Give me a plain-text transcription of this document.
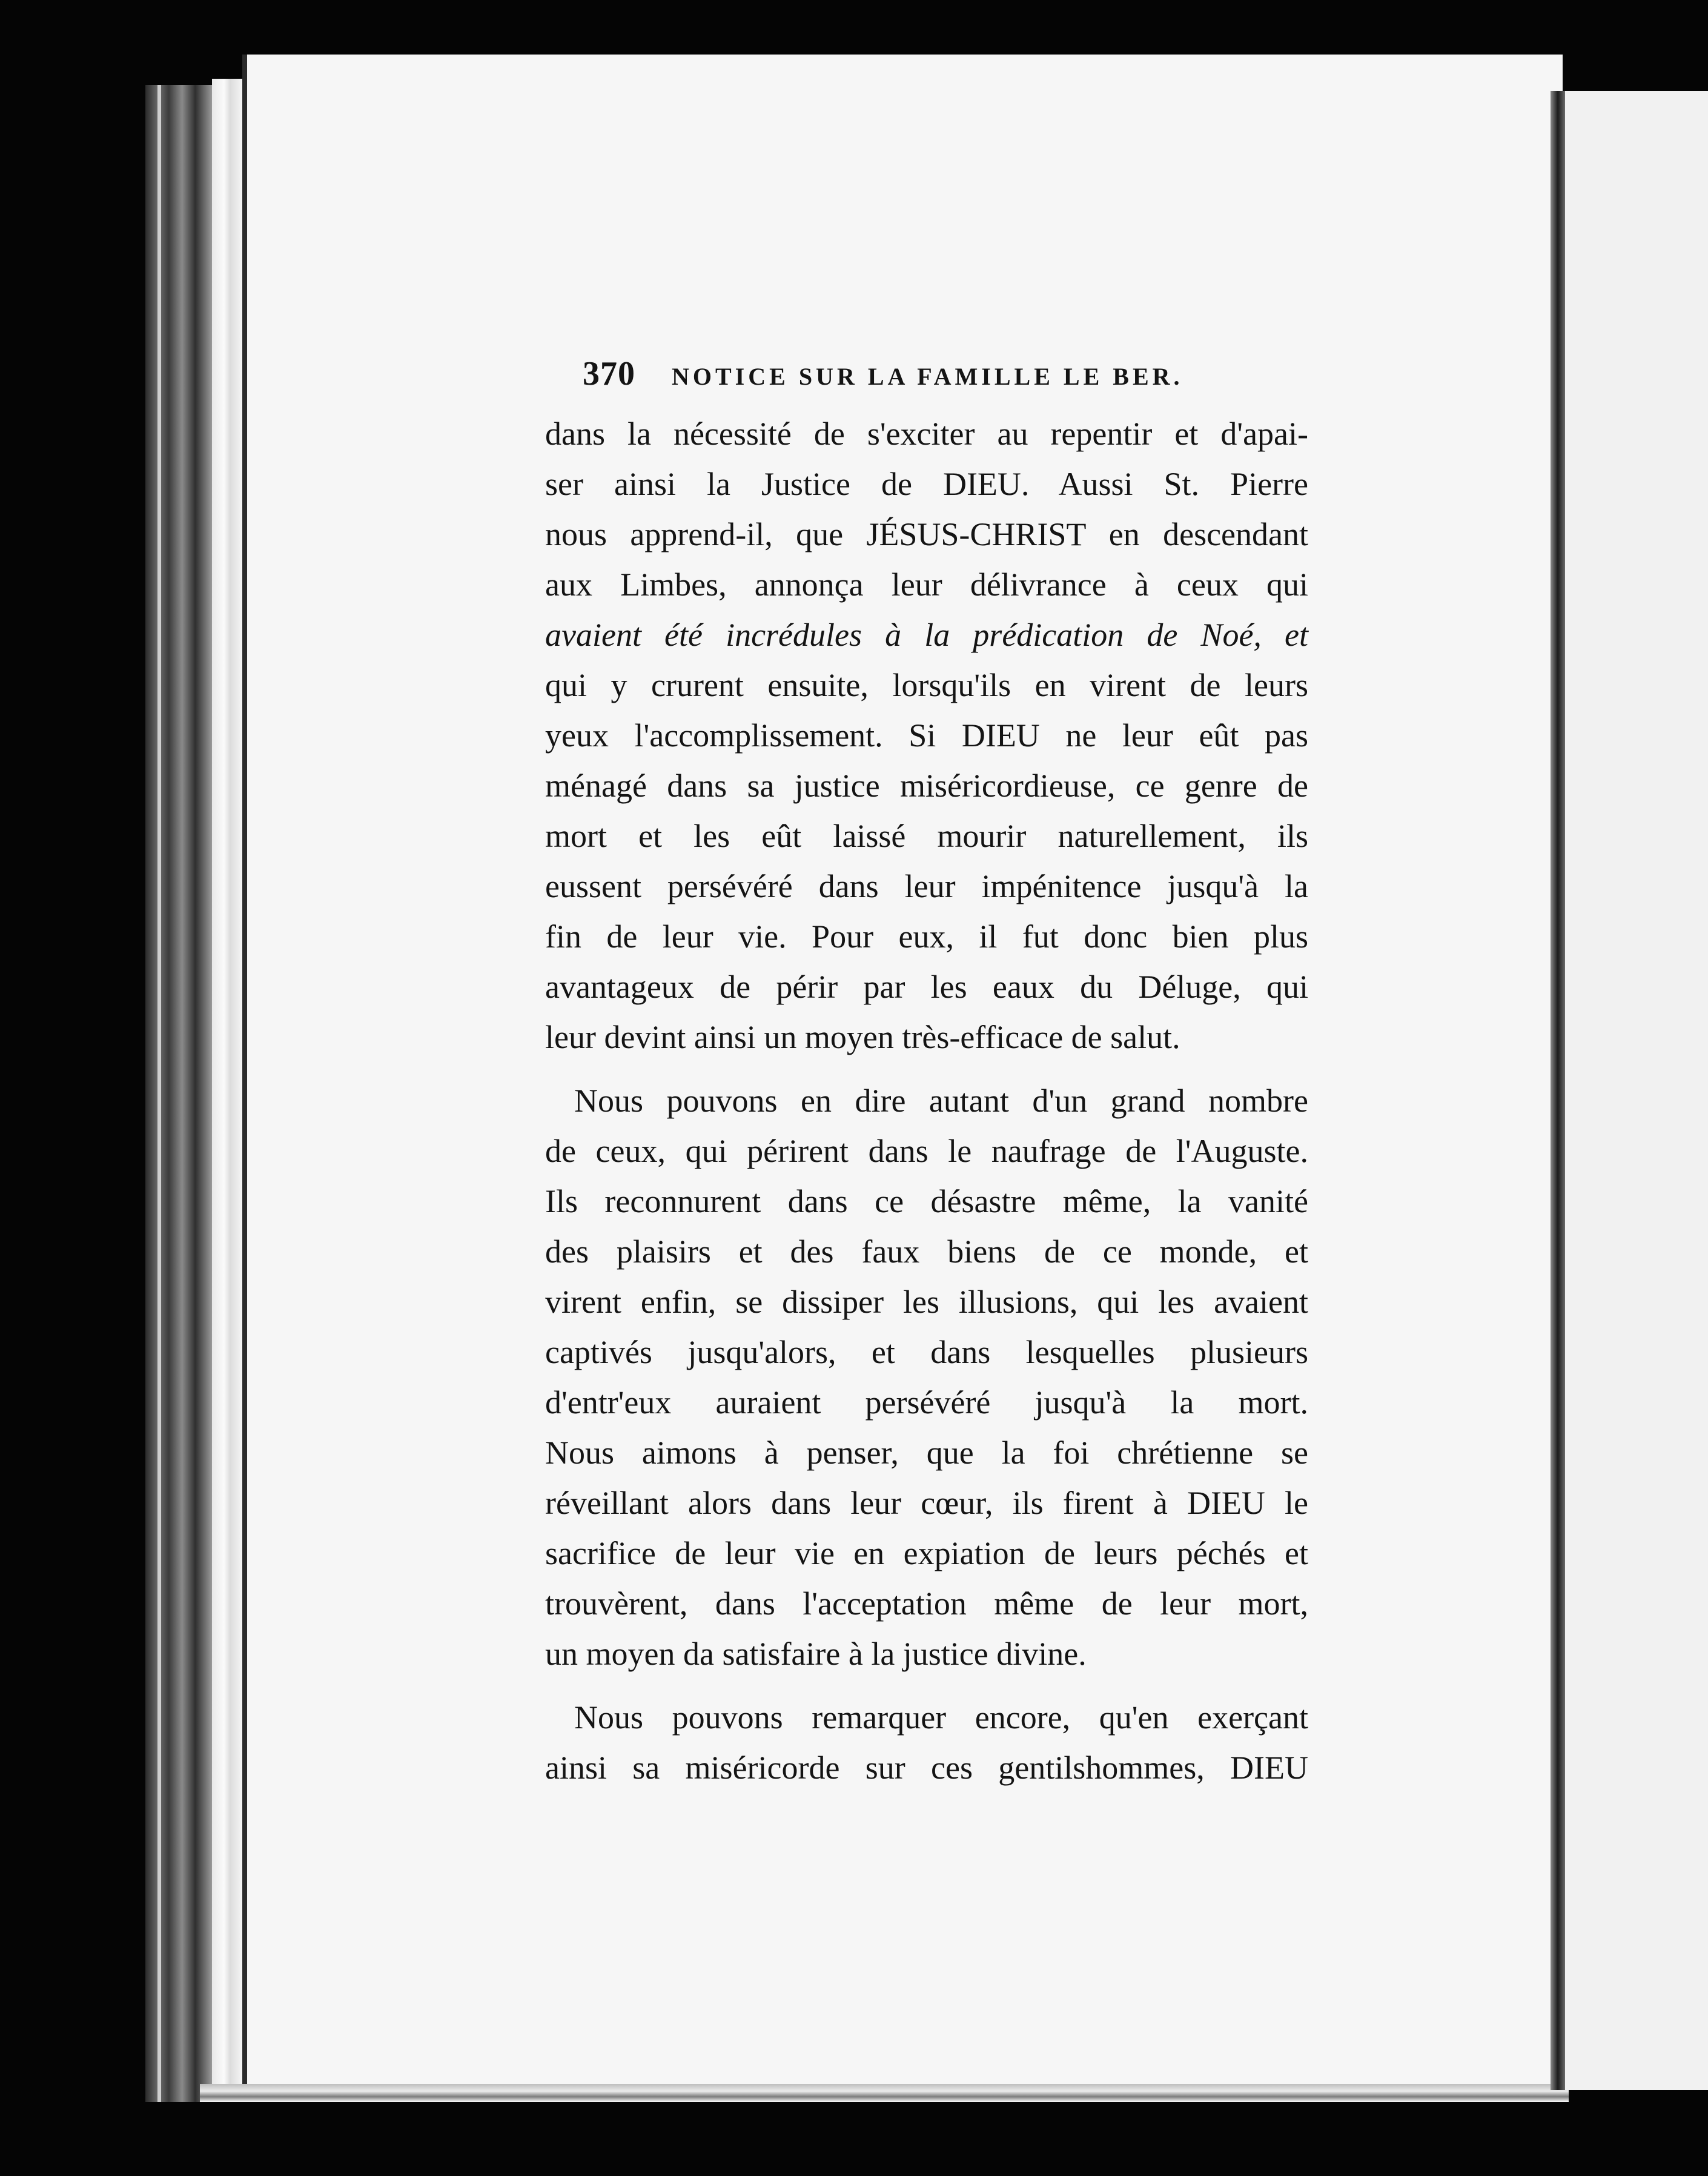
370 NOTICE SUR LA FAMILLE LE BER.
dans la nécessité de s'exciter au repentir et d'apai-
ser ainsi la Justice de DIEU. Aussi St. Pierre
nous apprend-il, que JÉSUS-CHRIST en descendant
aux Limbes, annonça leur délivrance à ceux qui
avaient été incrédules à la prédication de Noé, et
qui y crurent ensuite, lorsqu'ils en virent de leurs
yeux l'accomplissement. Si DIEU ne leur eût pas
ménagé dans sa justice miséricordieuse, ce genre de
mort et les eût laissé mourir naturellement, ils
eussent persévéré dans leur impénitence jusqu'à la
fin de leur vie. Pour eux, il fut donc bien plus
avantageux de périr par les eaux du Déluge, qui
leur devint ainsi un moyen très-efficace de salut.
Nous pouvons en dire autant d'un grand nombre
de ceux, qui périrent dans le naufrage de l'Auguste.
Ils reconnurent dans ce désastre même, la vanité
des plaisirs et des faux biens de ce monde, et
virent enfin, se dissiper les illusions, qui les avaient
captivés jusqu'alors, et dans lesquelles plusieurs
d'entr'eux auraient persévéré jusqu'à la mort.
Nous aimons à penser, que la foi chrétienne se
réveillant alors dans leur cœur, ils firent à DIEU le
sacrifice de leur vie en expiation de leurs péchés et
trouvèrent, dans l'acceptation même de leur mort,
un moyen da satisfaire à la justice divine.
Nous pouvons remarquer encore, qu'en exerçant
ainsi sa miséricorde sur ces gentilshommes, DIEU
